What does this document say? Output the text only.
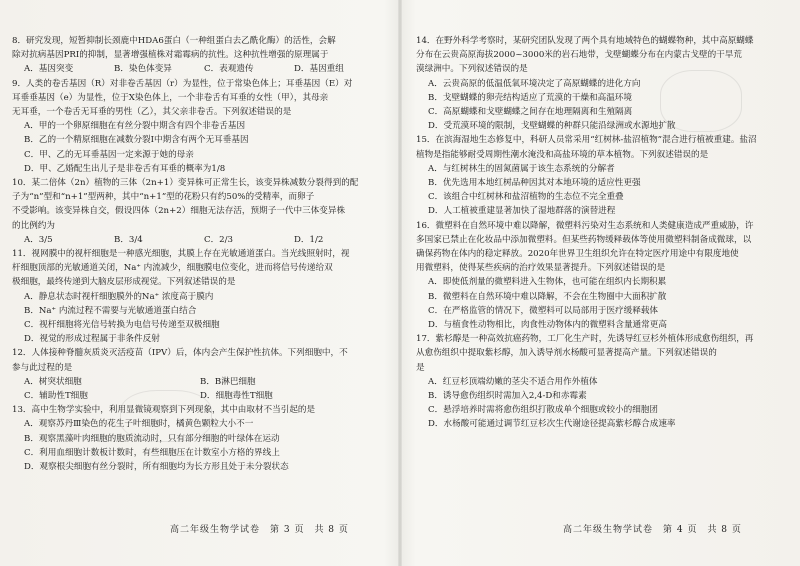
8．研究发现，短暂抑制长颈鹿中HDA6蛋白（一种组蛋白去乙酰化酶）的活性，会解
除对抗病基因PRI的抑制，显著增强植株对霜霉病的抗性。这种抗性增强的原理属于
A．基因突变	B．染色体变异	C．表观遗传	D．基因重组
9．人类的卷舌基因（R）对非卷舌基因（r）为显性，位于常染色体上；耳垂基因（E）对
耳垂垂基因（e）为显性，位于X染色体上，一个非卷舌有耳垂的女性（甲），其母亲
无耳垂，一个卷舌无耳垂的男性（乙），其父亲非卷舌。下列叙述错误的是
A．甲的一个卵原细胞在有丝分裂中期含有四个非卷舌基因
B．乙的一个精原细胞在减数分裂Ⅰ中期含有两个无耳垂基因
C．甲、乙的无耳垂基因一定来源于她的母亲
D．甲、乙婚配生出儿子是非卷舌有耳垂的概率为1/8
10．某二倍体（2n）植物的三体（2n+1）变异株可正常生长，该变异株减数分裂得到的配
子为“n”型和“n+1”型两种，其中“n+1”型的花粉只有约50%的受精率，而卵子
不受影响。该变异株自交，假设四体（2n+2）细胞无法存活，预期子一代中三体变异株
的比例约为
A．3/5	B．3/4	C．2/3	D．1/2
11．视网膜中的视杆细胞是一种感光细胞，其膜上存在光敏通道蛋白。当光线照射时，视
杆细胞顶部的光敏通道关闭，Na⁺ 内流减少，细胞膜电位变化，进而将信号传递给双
极细胞，最终传递到大脑皮层形成视觉。下列叙述错误的是
A．静息状态时视杆细胞膜外的Na⁺ 浓度高于膜内
B．Na⁺ 内流过程不需要与光敏通道蛋白结合
C．视杆细胞将光信号转换为电信号传递至双极细胞
D．视觉的形成过程属于非条件反射
12．人体接种脊髓灰质炎灭活疫苗（IPV）后，体内会产生保护性抗体。下列细胞中，不
参与此过程的是
A．树突状细胞	B．B淋巴细胞
C．辅助性T细胞	D．细胞毒性T细胞
13．高中生物学实验中，利用显微镜观察到下列现象，其中由取材不当引起的是
A．观察苏丹Ⅲ染色的花生子叶细胞时，橘黄色颗粒大小不一
B．观察黑藻叶肉细胞的胞质流动时，只有部分细胞的叶绿体在运动
C．利用血细胞计数板计数时，有些细胞压在计数室小方格的界线上
D．观察根尖细胞有丝分裂时，所有细胞均为长方形且处于未分裂状态
高二年级生物学试卷　第 3 页　共 8 页
14．在野外科学考察时，某研究团队发现了两个具有地域特色的蝴蝶物种，其中高原蝴蝶
分布在云贵高原海拔2000~3000米的岩石地带，戈壁蝴蝶分布在内蒙古戈壁的干旱荒
漠绿洲中。下列叙述错误的是
A．云贵高原的低温低氧环境决定了高原蝴蝶的进化方向
B．戈壁蝴蝶的卵壳结构适应了荒漠的干燥和高温环境
C．高原蝴蝶和戈壁蝴蝶之间存在地理隔离和生殖隔离
D．受荒漠环境的限制，戈壁蝴蝶的种群只能沿绿洲或水源地扩散
15．在滨海湿地生态修复中，科研人员常采用“红树林-盐沼植物”混合进行植被重建。盐沼
植物是指能够耐受周期性潮水淹没和高盐环境的草本植物。下列叙述错误的是
A．与红树林生的固氮菌属于该生态系统的分解者
B．优先选用本地红树品种因其对本地环境的适应性更强
C．该组合中红树林和盐沼植物的生态位不完全重叠
D．人工植被重建显著加快了湿地群落的演替进程
16．微塑料在自然环境中难以降解，微塑料污染对生态系统和人类健康造成严重威胁，许
多国家已禁止在化妆品中添加微塑料。但某些药物缓释载体等使用微塑料制备成微球，以
确保药物在体内的稳定释放。2020年世界卫生组织允许在特定医疗用途中有限度地使
用微塑料，使得某些疾病的治疗效果显著提升。下列叙述错误的是
A．即使低剂量的微塑料进入生物体，也可能在组织内长期积累
B．微塑料在自然环境中难以降解，不会在生物圈中大面积扩散
C．在严格监管的情况下，微塑料可以局部用于医疗缓释载体
D．与植食性动物相比，肉食性动物体内的微塑料含量通常更高
17．紫杉醇是一种高效抗癌药物，工厂化生产时，先诱导红豆杉外植体形成愈伤组织，再
从愈伤组织中提取紫杉醇，加入诱导剂水杨酸可显著提高产量。下列叙述错误的
是
A．红豆杉顶端幼嫩的茎尖不适合用作外植体
B．诱导愈伤组织时需加入2,4-D和赤霉素
C．悬浮培养时需将愈伤组织打散成单个细胞或较小的细胞团
D．水杨酸可能通过调节红豆杉次生代谢途径提高紫杉醇合成速率
高二年级生物学试卷　第 4 页　共 8 页
